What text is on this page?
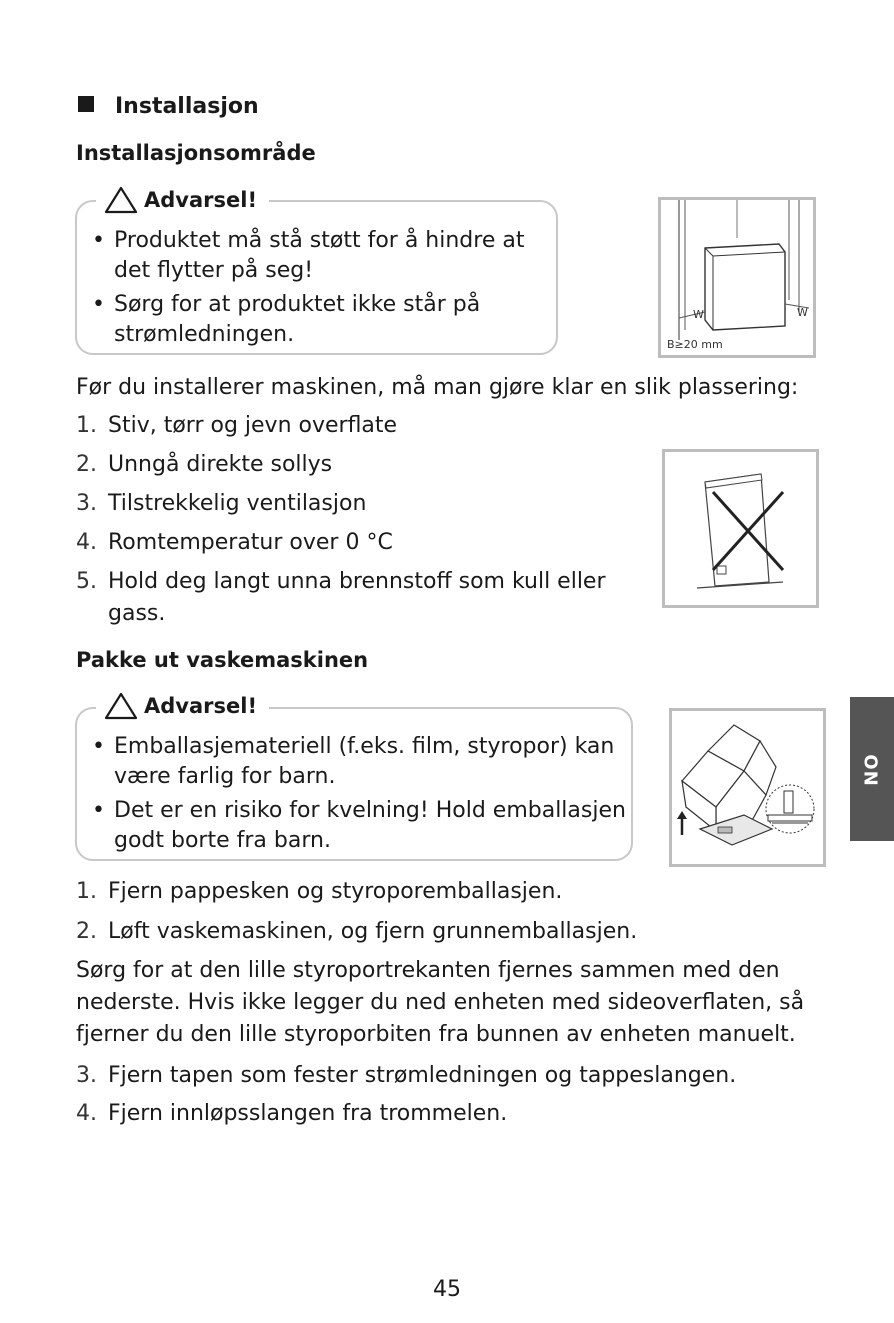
Installasjon
Installasjonsområde
Advarsel!
• Produktet må stå støtt for å hindre at
det flytter på seg!
• Sørg for at produktet ikke står på
strømledningen.
W	W
B≥20 mm
Før du installerer maskinen, må man gjøre klar en slik plassering:
1. Stiv, tørr og jevn overflate
2. Unngå direkte sollys
3. Tilstrekkelig ventilasjon
4. Romtemperatur over 0 °C
5. Hold deg langt unna brennstoff som kull eller
gass.
Pakke ut vaskemaskinen
Advarsel!
• Emballasjemateriell (f.eks. film, styropor) kan
være farlig for barn.
• Det er en risiko for kvelning! Hold emballasjen
godt borte fra barn.
1. Fjern pappesken og styroporemballasjen.
2. Løft vaskemaskinen, og fjern grunnemballasjen.
Sørg for at den lille styroportrekanten fjernes sammen med den
nederste. Hvis ikke legger du ned enheten med sideoverflaten, så
fjerner du den lille styroporbiten fra bunnen av enheten manuelt.
3. Fjern tapen som fester strømledningen og tappeslangen.
4. Fjern innløpsslangen fra trommelen.
NO
45
